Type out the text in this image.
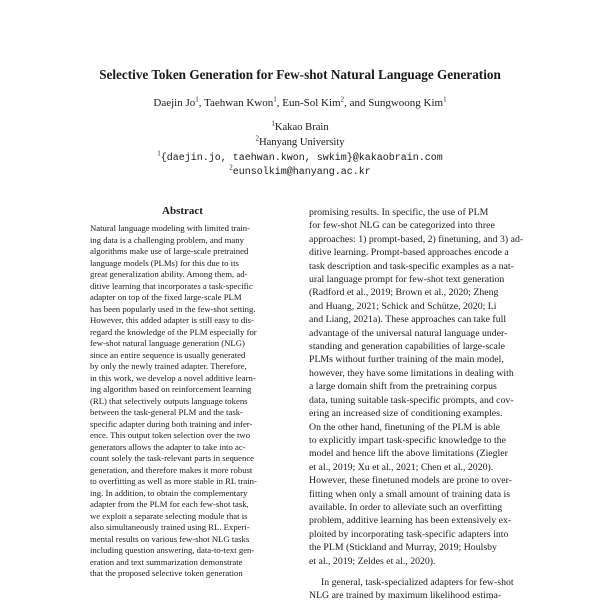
Selective Token Generation for Few-shot Natural Language Generation
Daejin Jo$^1$, Taehwan Kwon$^1$, Eun-Sol Kim$^2$, and Sungwoong Kim$^1$
$^1$Kakao Brain
$^2$Hanyang University
$^1${daejin.jo, taehwan.kwon, swkim}@kakaobrain.com
$^2$eunsolkim@hanyang.ac.kr
Abstract
Natural language modeling with limited train-
ing data is a challenging problem, and many
algorithms make use of large-scale pretrained
language models (PLMs) for this due to its
great generalization ability. Among them, ad-
ditive learning that incorporates a task-specific
adapter on top of the fixed large-scale PLM
has been popularly used in the few-shot setting.
However, this added adapter is still easy to dis-
regard the knowledge of the PLM especially for
few-shot natural language generation (NLG)
since an entire sequence is usually generated
by only the newly trained adapter. Therefore,
in this work, we develop a novel additive learn-
ing algorithm based on reinforcement learning
(RL) that selectively outputs language tokens
between the task-general PLM and the task-
specific adapter during both training and infer-
ence. This output token selection over the two
generators allows the adapter to take into ac-
count solely the task-relevant parts in sequence
generation, and therefore makes it more robust
to overfitting as well as more stable in RL train-
ing. In addition, to obtain the complementary
adapter from the PLM for each few-shot task,
we exploit a separate selecting module that is
also simultaneously trained using RL. Experi-
mental results on various few-shot NLG tasks
including question answering, data-to-text gen-
eration and text summarization demonstrate
that the proposed selective token generation
promising results. In specific, the use of PLM
for few-shot NLG can be categorized into three
approaches: 1) prompt-based, 2) finetuning, and 3) ad-
ditive learning. Prompt-based approaches encode a
task description and task-specific examples as a nat-
ural language prompt for few-shot text generation
(Radford et al., 2019; Brown et al., 2020; Zheng
and Huang, 2021; Schick and Schütze, 2020; Li
and Liang, 2021a). These approaches can take full
advantage of the universal natural language under-
standing and generation capabilities of large-scale
PLMs without further training of the main model,
however, they have some limitations in dealing with
a large domain shift from the pretraining corpus
data, tuning suitable task-specific prompts, and cov-
ering an increased size of conditioning examples.
On the other hand, finetuning of the PLM is able
to explicitly impart task-specific knowledge to the
model and hence lift the above limitations (Ziegler
et al., 2019; Xu et al., 2021; Chen et al., 2020).
However, these finetuned models are prone to over-
fitting when only a small amount of training data is
available. In order to alleviate such an overfitting
problem, additive learning has been extensively ex-
ploited by incorporating task-specific adapters into
the PLM (Stickland and Murray, 2019; Houlsby
et al., 2019; Zeldes et al., 2020).
In general, task-specialized adapters for few-shot
NLG are trained by maximum likelihood estima-
